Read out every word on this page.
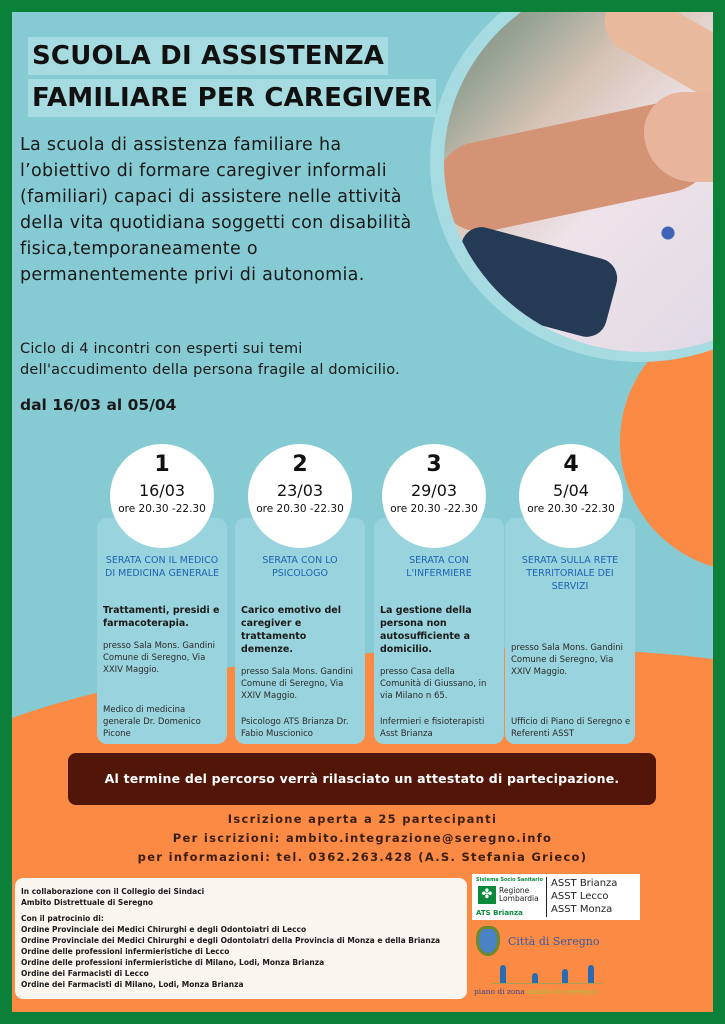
SCUOLA DI ASSISTENZA
FAMILIARE PER CAREGIVER

La scuola di assistenza familiare ha l’obiettivo di formare caregiver informali (familiari) capaci di assistere nelle attività della vita quotidiana soggetti con disabilità fisica,temporaneamente o permanentemente privi di autonomia.

Ciclo di 4 incontri con esperti sui temi
dell'accudimento della persona fragile al domicilio.
dal 16/03 al 05/04
SERATA CON IL MEDICO DI MEDICINA GENERALE
Trattamenti, presidi e farmacoterapia.
presso Sala Mons. Gandini Comune di Seregno, Via XXIV Maggio.
Medico di medicina generale Dr. Domenico Picone
1
16/03
ore 20.30 -22.30
SERATA CON LO PSICOLOGO
Carico emotivo del caregiver e trattamento demenze.
presso Sala Mons. Gandini Comune di Seregno, Via XXIV Maggio.
Psicologo ATS Brianza Dr. Fabio Muscionico
2
23/03
ore 20.30 -22.30
SERATA CON L'INFERMIERE
La gestione della persona non autosufficiente a domicilio.
presso Casa della Comunità di Giussano, in via Milano n 65.
Infermieri e fisioterapisti Asst Brianza
3
29/03
ore 20.30 -22.30
SERATA SULLA RETE TERRITORIALE DEI SERVIZI
presso Sala Mons. Gandini Comune di Seregno, Via XXIV Maggio.
Ufficio di Piano di Seregno e Referenti ASST
4
5/04
ore 20.30 -22.30
Al termine del percorso verrà rilasciato un attestato di partecipazione.
Iscrizione aperta a 25 partecipanti
Per iscrizioni: ambito.integrazione@seregno.info
per informazioni: tel. 0362.263.428 (A.S. Stefania Grieco)
In collaborazione con il Collegio dei Sindaci
Ambito Distrettuale di Seregno
Con il patrocinio di:
Ordine Provinciale dei Medici Chirurghi e degli Odontoiatri di Lecco
Ordine Provinciale dei Medici Chirurghi e degli Odontoiatri della Provincia di Monza e della Brianza
Ordine delle professioni infermieristiche di Lecco
Ordine delle professioni infermieristiche di Milano, Lodi, Monza Brianza
Ordine dei Farmacisti di Lecco
Ordine dei Farmacisti di Milano, Lodi, Monza Brianza
Sistema Socio Sanitario
✤ Regione
Lombardia
ATS Brianza
ASST Brianza
ASST Lecco
ASST Monza
Città di Seregno
piano di zona ambito di seregno
